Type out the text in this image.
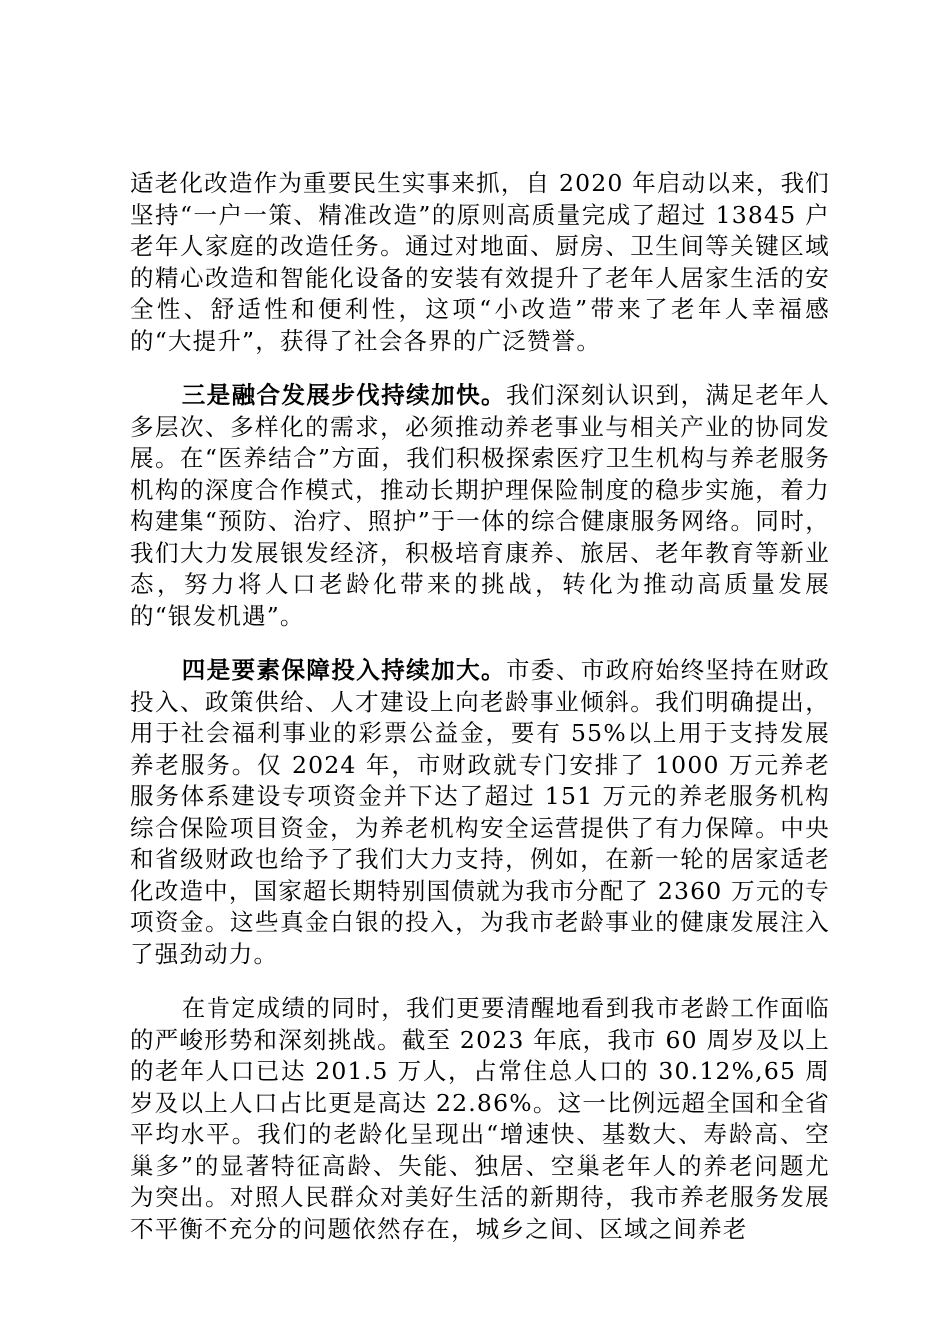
适老化改造作为重要民生实事来抓，自 2020 年启动以来，我们坚持“一户一策、精准改造”的原则高质量完成了超过 13845 户老年人家庭的改造任务。通过对地面、厨房、卫生间等关键区域的精心改造和智能化设备的安装有效提升了老年人居家生活的安全性、舒适性和便利性，这项“小改造”带来了老年人幸福感的“大提升”，获得了社会各界的广泛赞誉。

三是融合发展步伐持续加快。我们深刻认识到，满足老年人多层次、多样化的需求，必须推动养老事业与相关产业的协同发展。在“医养结合”方面，我们积极探索医疗卫生机构与养老服务机构的深度合作模式，推动长期护理保险制度的稳步实施，着力构建集“预防、治疗、照护”于一体的综合健康服务网络。同时，我们大力发展银发经济，积极培育康养、旅居、老年教育等新业态，努力将人口老龄化带来的挑战，转化为推动高质量发展的“银发机遇”。

四是要素保障投入持续加大。市委、市政府始终坚持在财政投入、政策供给、人才建设上向老龄事业倾斜。我们明确提出，用于社会福利事业的彩票公益金，要有 55%以上用于支持发展养老服务。仅 2024 年，市财政就专门安排了 1000 万元养老服务体系建设专项资金并下达了超过 151 万元的养老服务机构综合保险项目资金，为养老机构安全运营提供了有力保障。中央和省级财政也给予了我们大力支持，例如，在新一轮的居家适老化改造中，国家超长期特别国债就为我市分配了 2360 万元的专项资金。这些真金白银的投入，为我市老龄事业的健康发展注入了强劲动力。

在肯定成绩的同时，我们更要清醒地看到我市老龄工作面临的严峻形势和深刻挑战。截至 2023 年底，我市 60 周岁及以上的老年人口已达 201.5 万人，占常住总人口的 30.12%,65 周岁及以上人口占比更是高达 22.86%。这一比例远超全国和全省平均水平。我们的老龄化呈现出“增速快、基数大、寿龄高、空巢多”的显著特征高龄、失能、独居、空巢老年人的养老问题尤为突出。对照人民群众对美好生活的新期待，我市养老服务发展不平衡不充分的问题依然存在，城乡之间、区域之间养老
